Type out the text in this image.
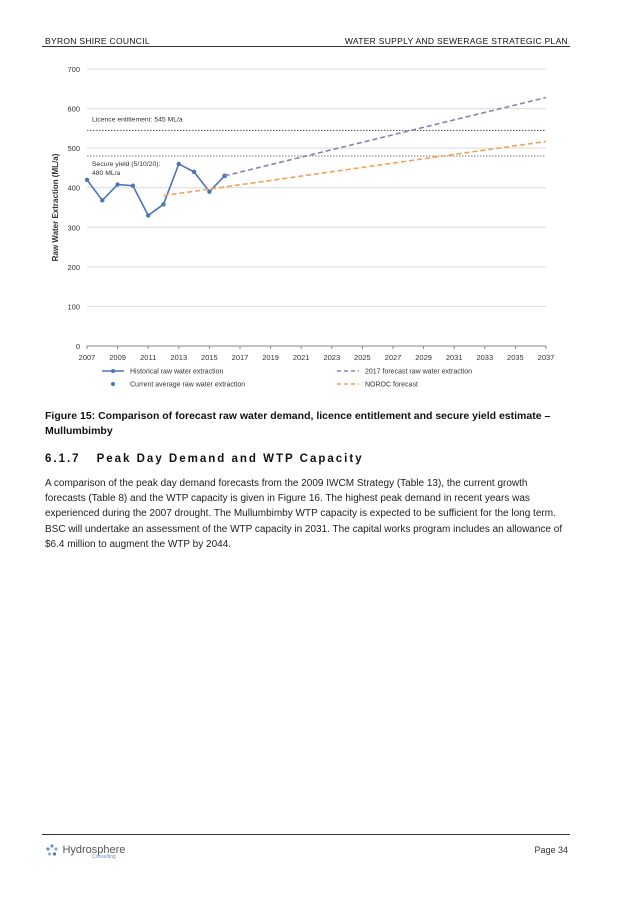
BYRON SHIRE COUNCIL	WATER SUPPLY AND SEWERAGE STRATEGIC PLAN
Licence entitlement: 545 ML/a
Secure yield (5/10/20):
480 ML/a
0
100
200
300
400
500
600
700
2007 2009 2011 2013 2015 2017 2019 2021 2023 2025 2027 2029 2031 2033 2035 2037
Raw Water Extraction (ML/a)
Historical raw water extraction
Current average raw water extraction
2017 forecast raw water extraction
NOROC forecast
Figure 15: Comparison of forecast raw water demand, licence entitlement and secure yield estimate – Mullumbimby
6.1.7 Peak Day Demand and WTP Capacity
A comparison of the peak day demand forecasts from the 2009 IWCM Strategy (Table 13), the current growth forecasts (Table 8) and the WTP capacity is given in Figure 16. The highest peak demand in recent years was experienced during the 2007 drought. The Mullumbimby WTP capacity is expected to be sufficient for the long term. BSC will undertake an assessment of the WTP capacity in 2031. The capital works program includes an allowance of $6.4 million to augment the WTP by 2044.
Hydrosphere
Consulting
Page 34
